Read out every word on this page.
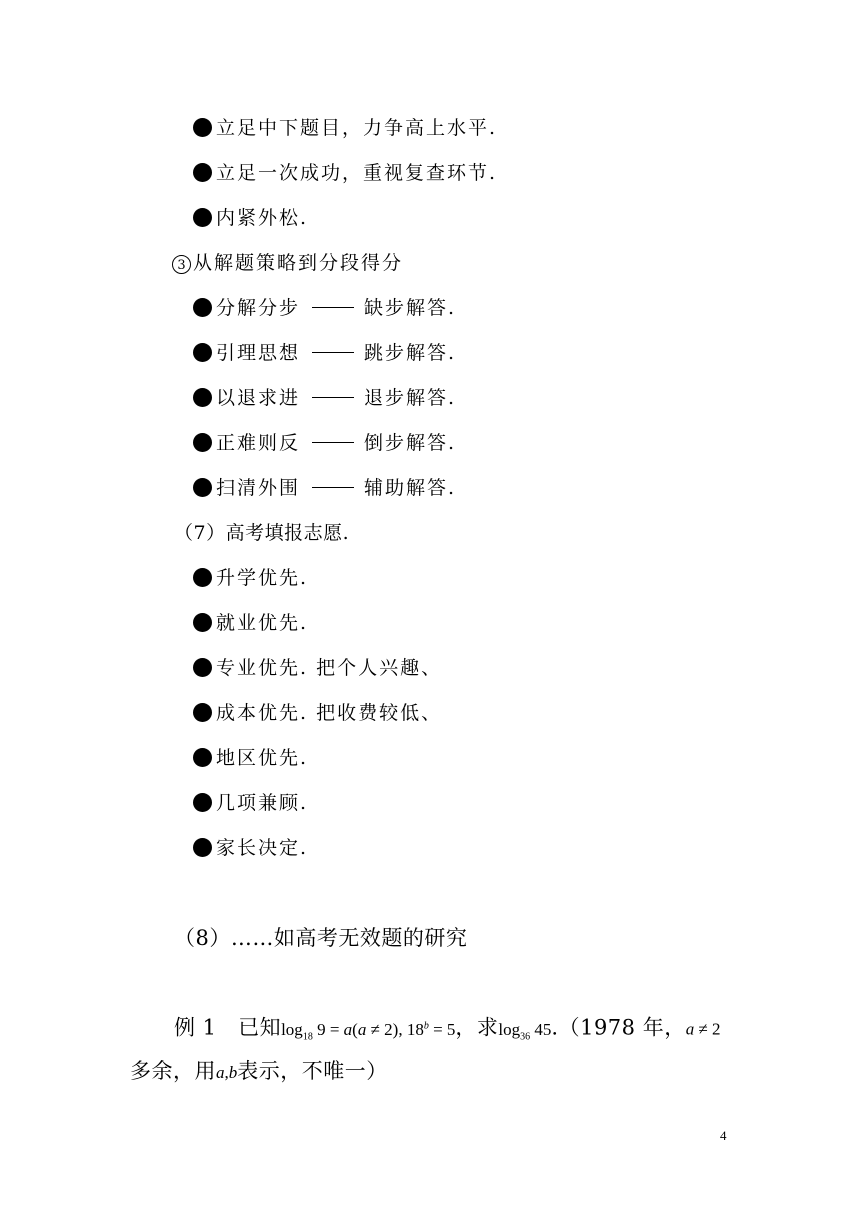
立足中下题目，力争高上水平.
立足一次成功，重视复查环节.
内紧外松.
3 从解题策略到分段得分
分解分步	缺步解答.
引理思想	跳步解答.
以退求进	退步解答.
正难则反	倒步解答.
扫清外围	辅助解答.
（7）高考填报志愿.
升学优先.
就业优先.
专业优先. 把个人兴趣、
成本优先. 把收费较低、
地区优先.
几项兼顾.
家长决定.
（8）……如高考无效题的研究
例 1 已知$\log_{18} 9 = a(a \ne 2)$, $18^b = 5$，求$\log_{36} 45.(1978$ 年，a ≠ 2
多余，用a,b表示，不唯一）
4
